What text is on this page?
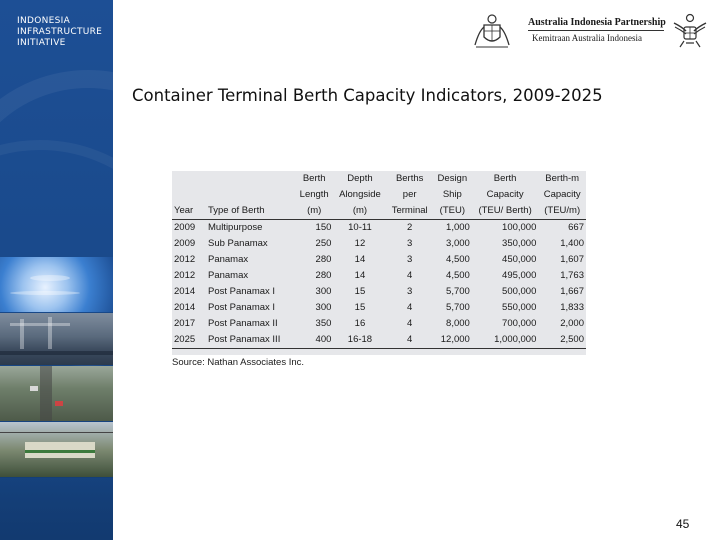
INDONESIA
INFRASTRUCTURE
INITIATIVE
Australia Indonesia Partnership
Kemitraan Australia Indonesia
Container Terminal Berth Capacity Indicators, 2009-2025
		Berth	Depth	Berths	Design	Berth	Berth-m
		Length	Alongside	per	Ship	Capacity	Capacity
Year	Type of Berth	(m)	(m)	Terminal	(TEU)	(TEU/ Berth)	(TEU/m)
2009	Multipurpose	150	10-11	2	1,000	100,000	667
2009	Sub Panamax	250	12	3	3,000	350,000	1,400
2012	Panamax	280	14	3	4,500	450,000	1,607
2012	Panamax	280	14	4	4,500	495,000	1,763
2014	Post Panamax I	300	15	3	5,700	500,000	1,667
2014	Post Panamax I	300	15	4	5,700	550,000	1,833
2017	Post Panamax II	350	16	4	8,000	700,000	2,000
2025	Post Panamax III	400	16-18	4	12,000	1,000,000	2,500
Source: Nathan Associates Inc.
45
